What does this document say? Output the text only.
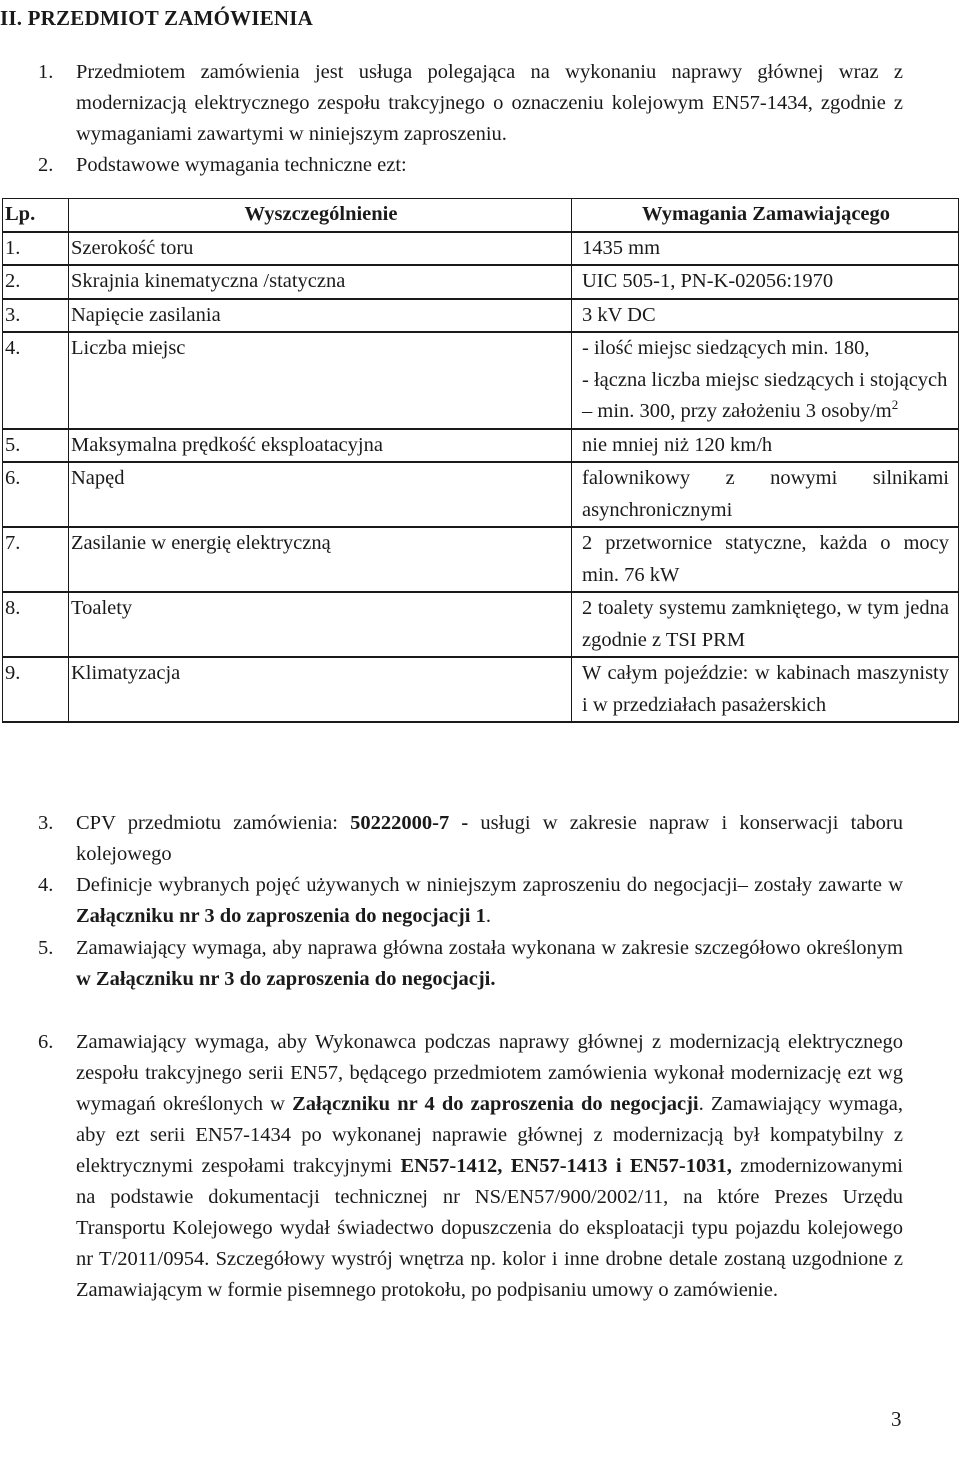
II. PRZEDMIOT ZAMÓWIENIA
1. Przedmiotem zamówienia jest usługa polegająca na wykonaniu naprawy głównej wraz z modernizacją elektrycznego zespołu trakcyjnego o oznaczeniu kolejowym EN57-1434, zgodnie z wymaganiami zawartymi w niniejszym zaproszeniu.
2. Podstawowe wymagania techniczne ezt:
Lp.	Wyszczególnienie	Wymagania Zamawiającego
1.	Szerokość toru	1435 mm

2.	Skrajnia kinematyczna /statyczna	UIC 505-1, PN-K-02056:1970

3.	Napięcie zasilania	3 kV DC

4.	Liczba miejsc	- ilość miejsc siedzących min. 180,
- łączna liczba miejsc siedzących i stojących – min. 300, przy założeniu 3 osoby/$m^2$

5.	Maksymalna prędkość eksploatacyjna	nie mniej niż 120 km/h

6.	Napęd	falownikowy z nowymi silnikami asynchronicznymi

7.	Zasilanie w energię elektryczną	2 przetwornice statyczne, każda o mocy min. 76 kW

8.	Toalety	2 toalety systemu zamkniętego, w tym jedna zgodnie z TSI PRM

9.	Klimatyzacja	W całym pojeździe: w kabinach maszynisty i w przedziałach pasażerskich
3. CPV przedmiotu zamówienia: 50222000-7 - usługi w zakresie napraw i konserwacji taboru kolejowego
4. Definicje wybranych pojęć używanych w niniejszym zaproszeniu do negocjacji– zostały zawarte w Załączniku nr 3 do zaproszenia do negocjacji 1.
5. Zamawiający wymaga, aby naprawa główna została wykonana w zakresie szczegółowo określonym w Załączniku nr 3 do zaproszenia do negocjacji.
6. Zamawiający wymaga, aby Wykonawca podczas naprawy głównej z modernizacją elektrycznego zespołu trakcyjnego serii EN57, będącego przedmiotem zamówienia wykonał modernizację ezt wg wymagań określonych w Załączniku nr 4 do zaproszenia do negocjacji. Zamawiający wymaga, aby ezt serii EN57-1434 po wykonanej naprawie głównej z modernizacją był kompatybilny z elektrycznymi zespołami trakcyjnymi EN57-1412, EN57-1413 i EN57-1031, zmodernizowanymi na podstawie dokumentacji technicznej nr NS/EN57/900/2002/11, na które Prezes Urzędu Transportu Kolejowego wydał świadectwo dopuszczenia do eksploatacji typu pojazdu kolejowego nr T/2011/0954. Szczegółowy wystrój wnętrza np. kolor i inne drobne detale zostaną uzgodnione z Zamawiającym w formie pisemnego protokołu, po podpisaniu umowy o zamówienie.
3
